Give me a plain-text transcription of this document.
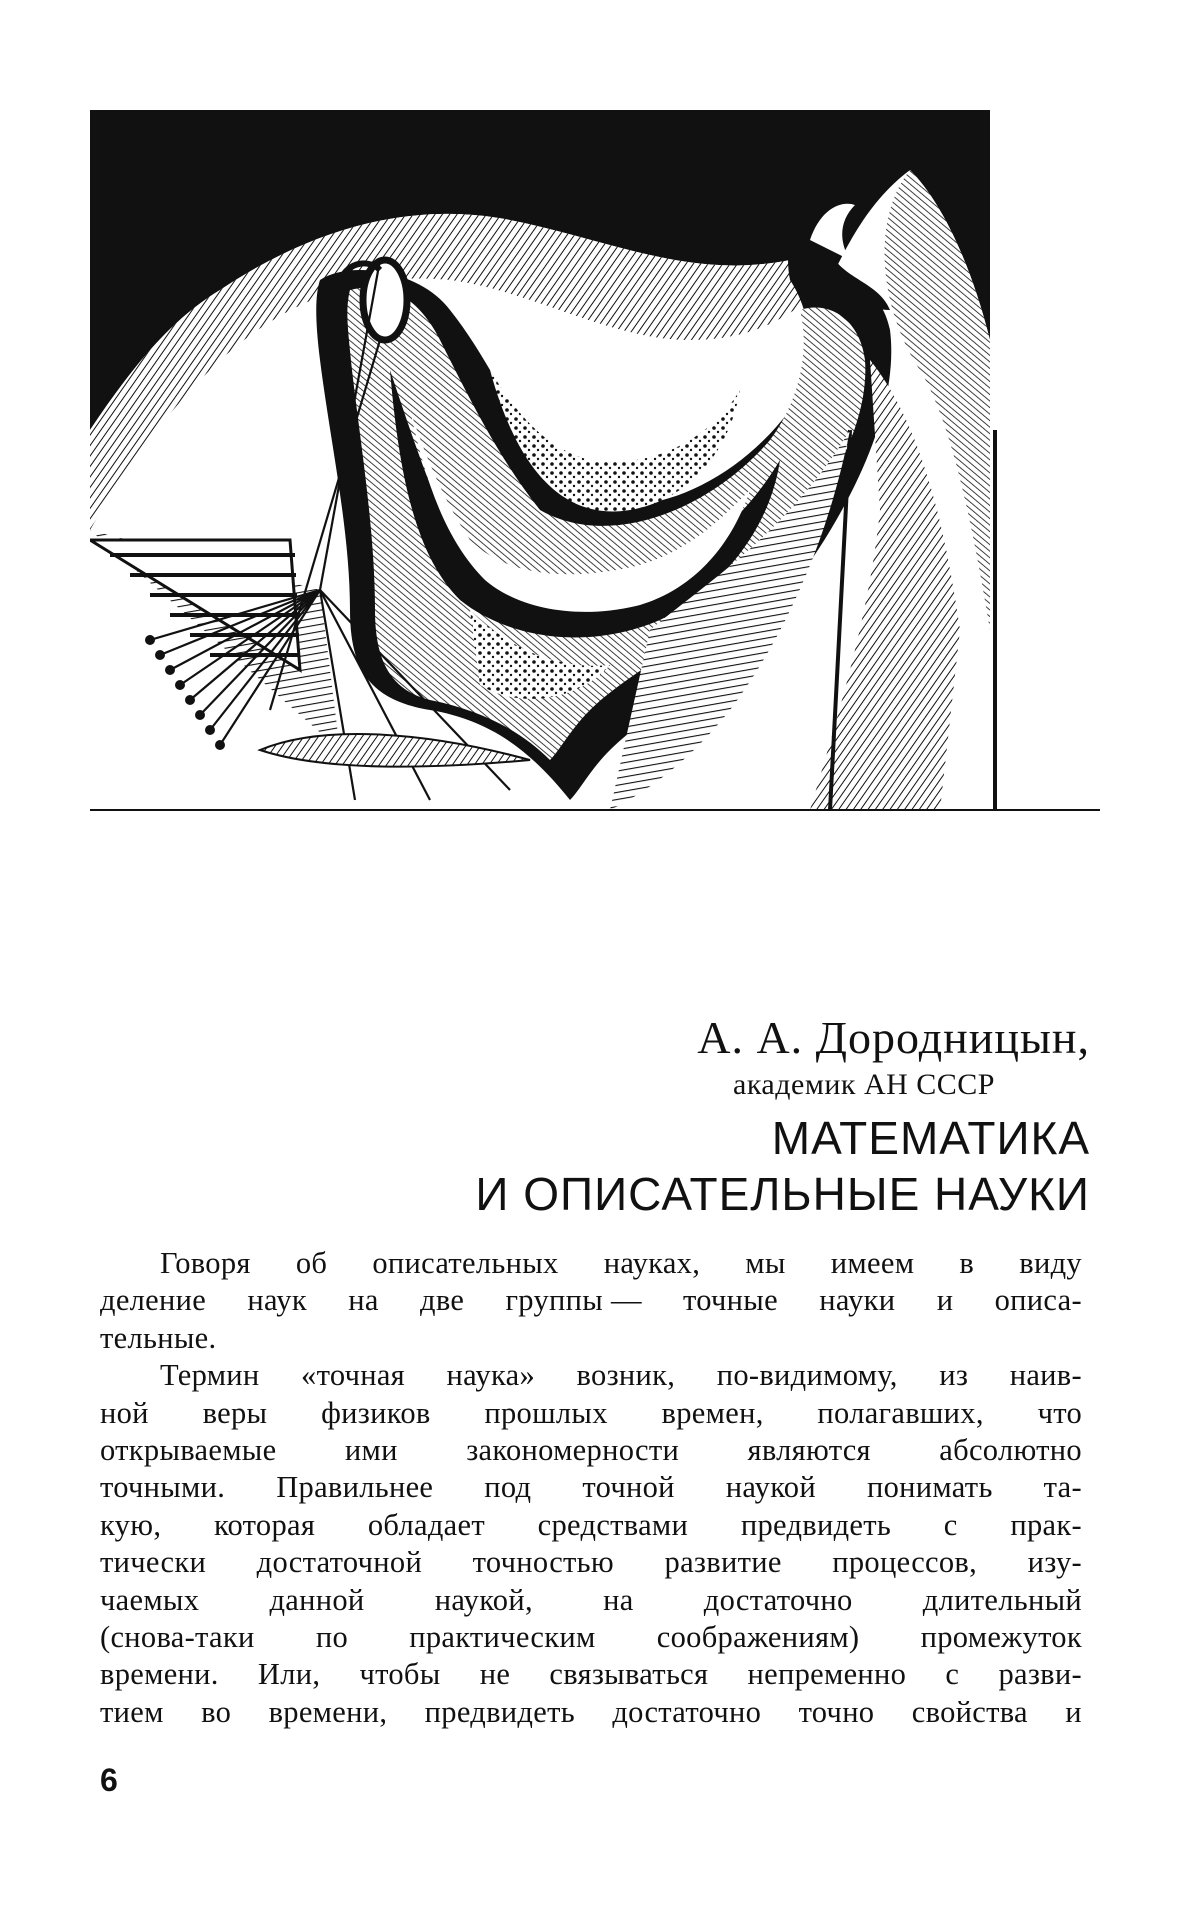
А. А. Дородницын,
академик АН СССР
МАТЕМАТИКА
И ОПИСАТЕЛЬНЫЕ НАУКИ
Говоря об описательных науках, мы имеем в виду
деление наук на две группы — точные науки и описа-
тельные.
Термин «точная наука» возник, по-видимому, из наив-
ной веры физиков прошлых времен, полагавших, что
открываемые ими закономерности являются абсолютно
точными. Правильнее под точной наукой понимать та-
кую, которая обладает средствами предвидеть с прак-
тически достаточной точностью развитие процессов, изу-
чаемых данной наукой, на достаточно длительный
(снова-таки по практическим соображениям) промежуток
времени. Или, чтобы не связываться непременно с разви-
тием во времени, предвидеть достаточно точно свойства и
6
